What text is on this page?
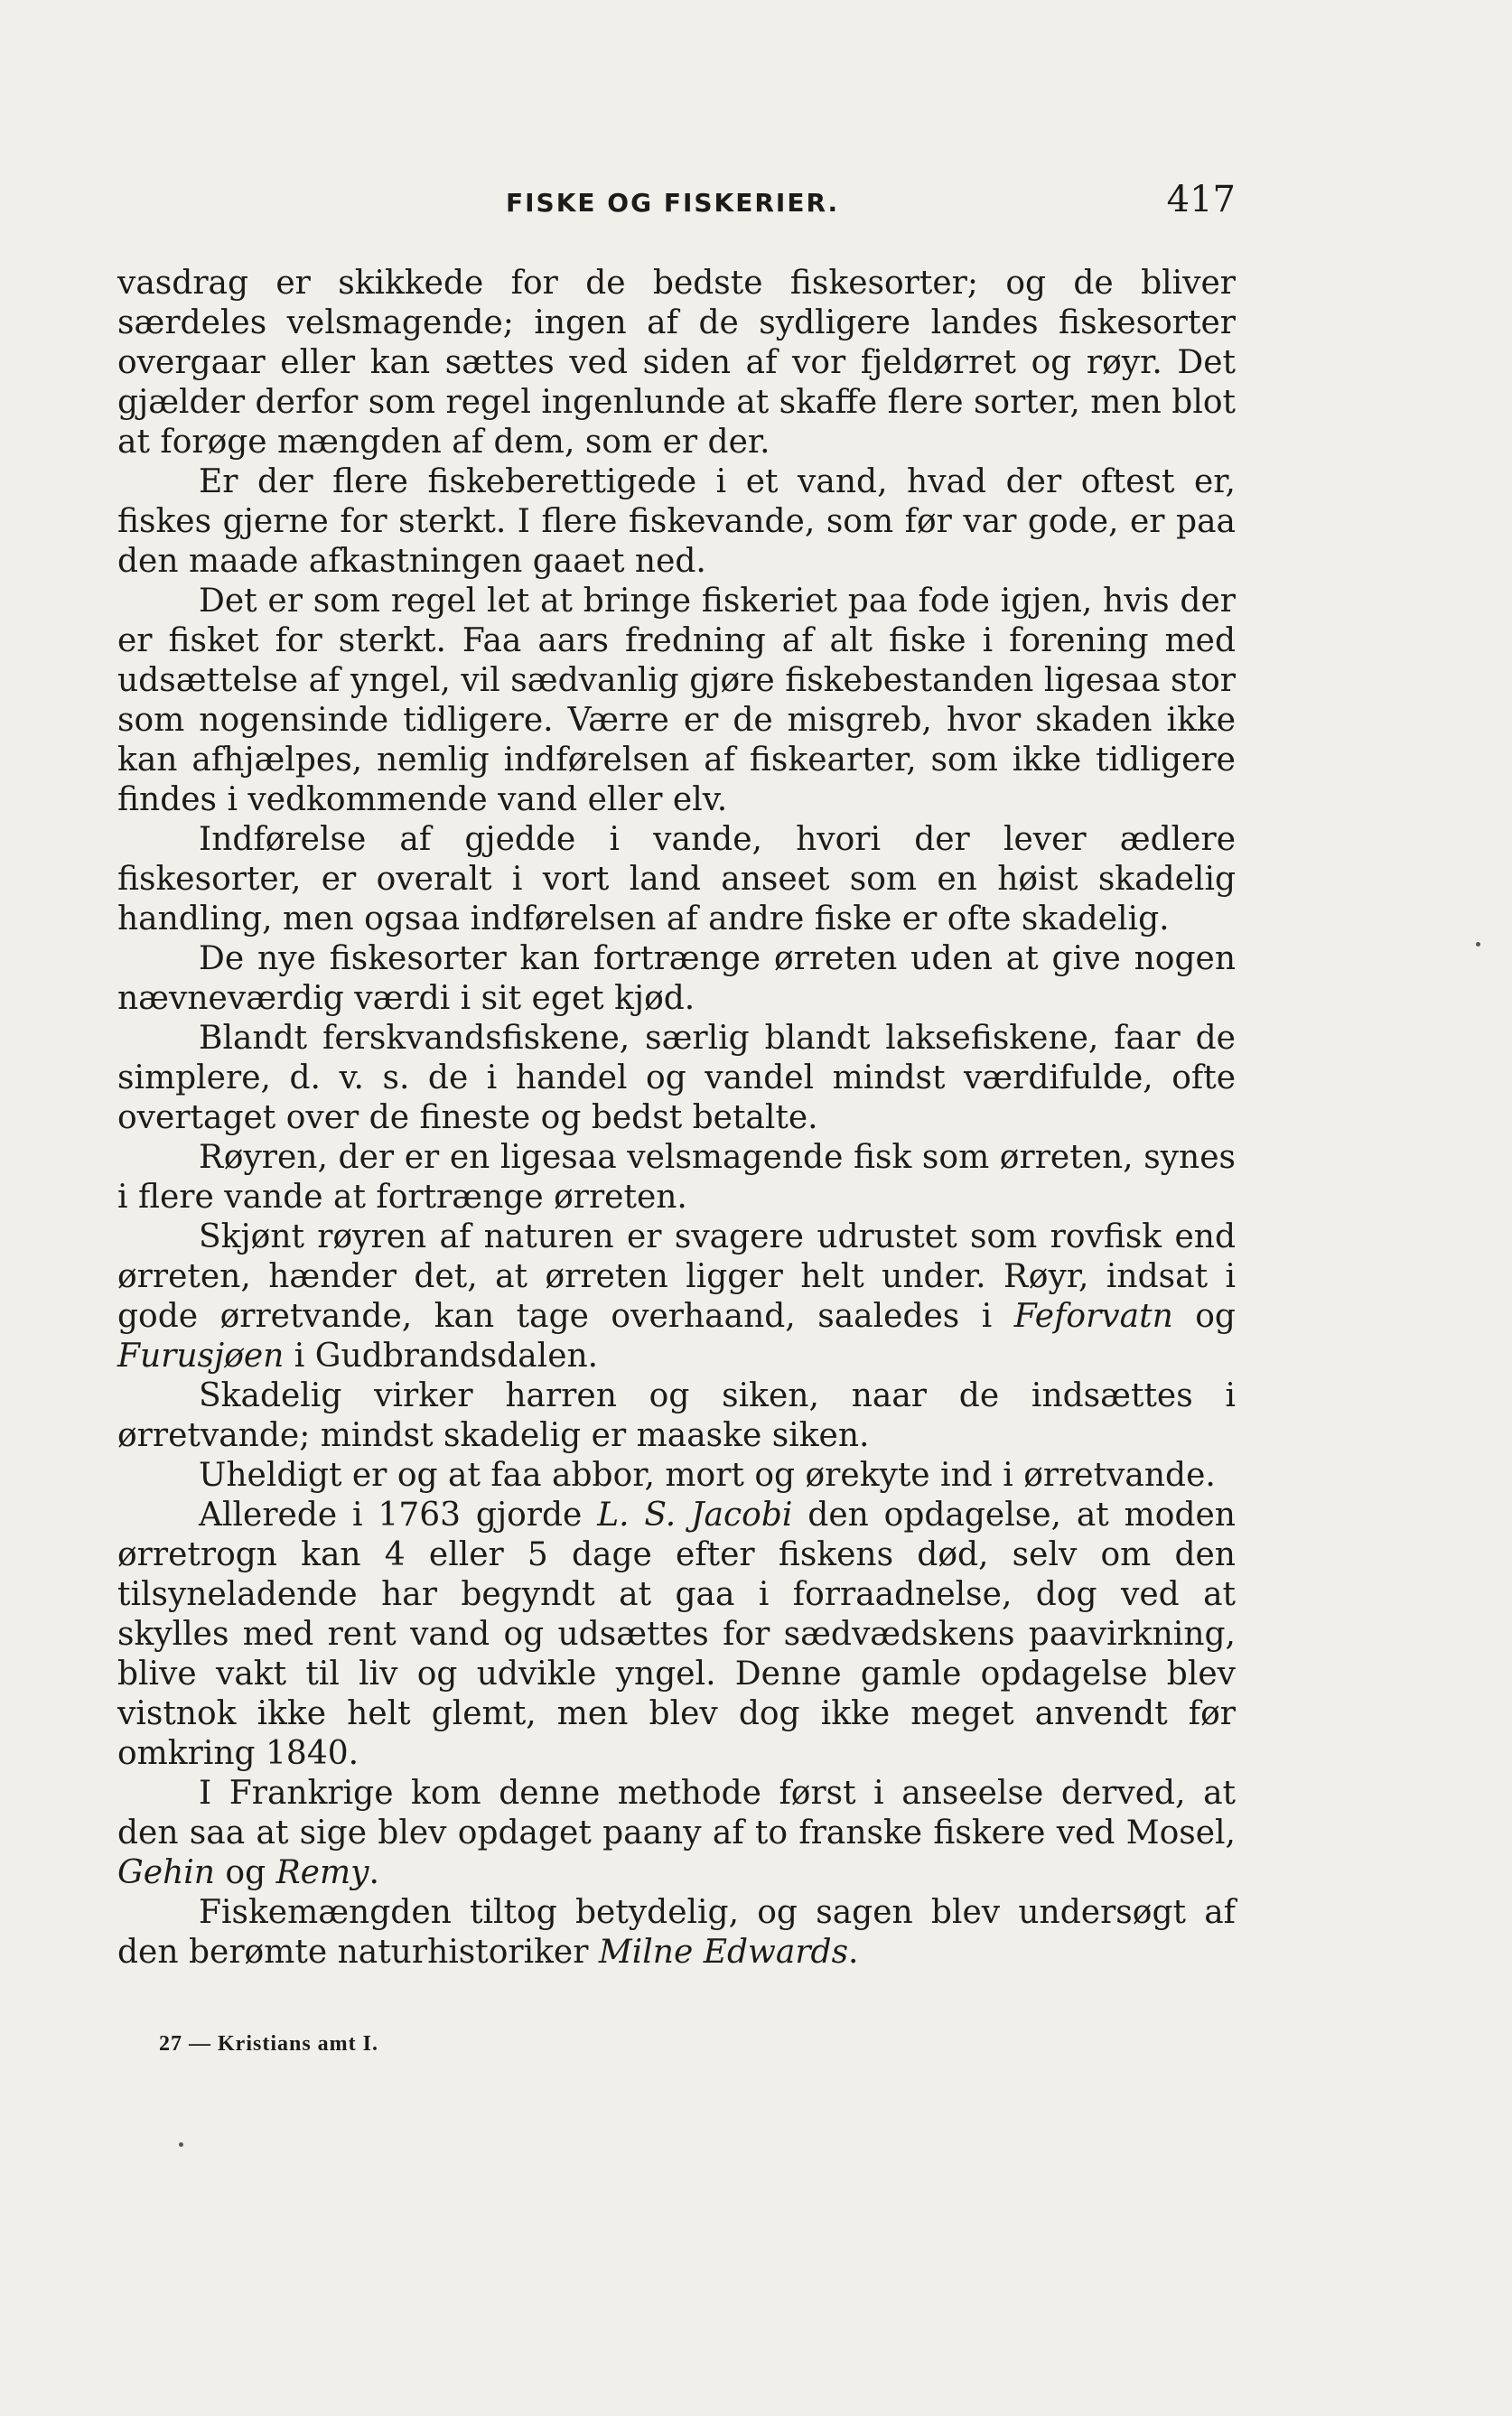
FISKE OG FISKERIER.	417

vasdrag er skikkede for de bedste fiskesorter; og de bliver særdeles velsmagende; ingen af de sydligere landes fiskesorter overgaar eller kan sættes ved siden af vor fjeldørret og røyr. Det gjælder derfor som regel ingenlunde at skaffe flere sorter, men blot at forøge mængden af dem, som er der.

Er der flere fiskeberettigede i et vand, hvad der oftest er, fiskes gjerne for sterkt. I flere fiskevande, som før var gode, er paa den maade afkastningen gaaet ned.

Det er som regel let at bringe fiskeriet paa fode igjen, hvis der er fisket for sterkt. Faa aars fredning af alt fiske i forening med udsættelse af yngel, vil sædvanlig gjøre fiskebestanden ligesaa stor som nogensinde tidligere. Værre er de misgreb, hvor skaden ikke kan afhjælpes, nemlig indførelsen af fiskearter, som ikke tidligere findes i vedkommende vand eller elv.

Indførelse af gjedde i vande, hvori der lever ædlere fiskesorter, er overalt i vort land anseet som en høist skadelig handling, men ogsaa indførelsen af andre fiske er ofte skadelig.

De nye fiskesorter kan fortrænge ørreten uden at give nogen nævneværdig værdi i sit eget kjød.

Blandt ferskvandsfiskene, særlig blandt laksefiskene, faar de simplere, d. v. s. de i handel og vandel mindst værdifulde, ofte overtaget over de fineste og bedst betalte.

Røyren, der er en ligesaa velsmagende fisk som ørreten, synes i flere vande at fortrænge ørreten.

Skjønt røyren af naturen er svagere udrustet som rovfisk end ørreten, hænder det, at ørreten ligger helt under. Røyr, indsat i gode ørretvande, kan tage overhaand, saaledes i Feforvatn og Furusjøen i Gudbrandsdalen.

Skadelig virker harren og siken, naar de indsættes i ørretvande; mindst skadelig er maaske siken.

Uheldigt er og at faa abbor, mort og ørekyte ind i ørretvande.

Allerede i 1763 gjorde L. S. Jacobi den opdagelse, at moden ørretrogn kan 4 eller 5 dage efter fiskens død, selv om den tilsyneladende har begyndt at gaa i forraadnelse, dog ved at skylles med rent vand og udsættes for sædvædskens paavirkning, blive vakt til liv og udvikle yngel. Denne gamle opdagelse blev vistnok ikke helt glemt, men blev dog ikke meget anvendt før omkring 1840.

I Frankrige kom denne methode først i anseelse derved, at den saa at sige blev opdaget paany af to franske fiskere ved Mosel, Gehin og Remy.

Fiskemængden tiltog betydelig, og sagen blev undersøgt af den berømte naturhistoriker Milne Edwards.

27 — Kristians amt I.
